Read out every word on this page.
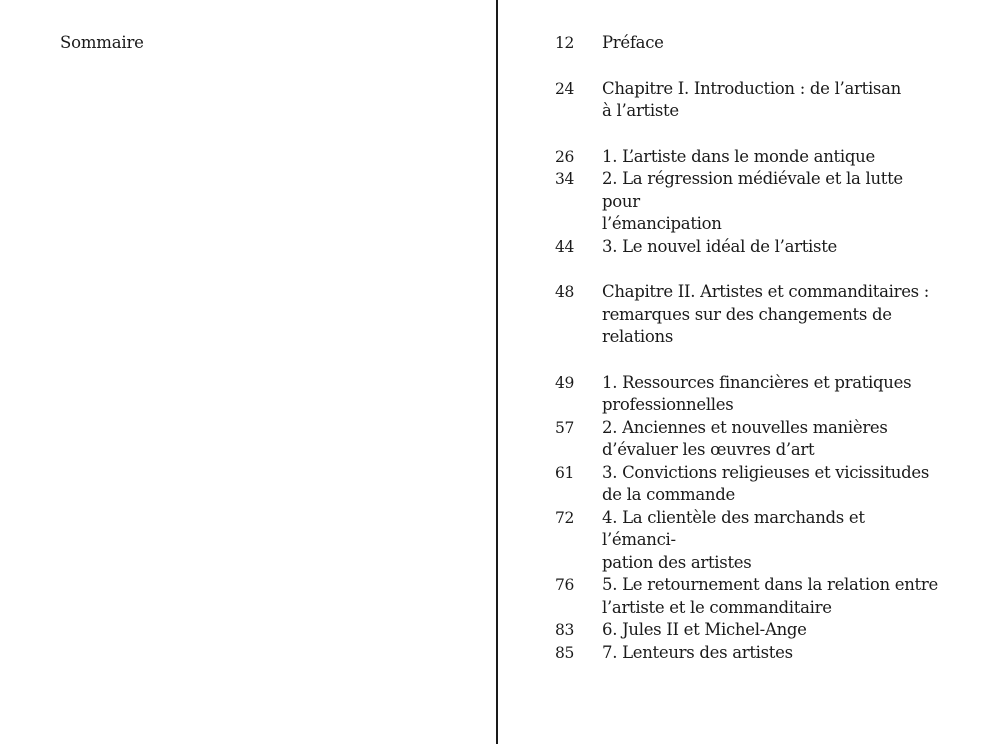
Sommaire	12	Préface
24	Chapitre I. Introduction : de l’artisan
à l’artiste
26	1. L’artiste dans le monde antique
34	2. La régression médiévale et la lutte pour
l’émancipation
44	3. Le nouvel idéal de l’artiste
48	Chapitre II. Artistes et commanditaires :
remarques sur des changements de relations
49	1. Ressources financières et pratiques
professionnelles
57	2. Anciennes et nouvelles manières
d’évaluer les œuvres d’art
61	3. Convictions religieuses et vicissitudes
de la commande
72	4. La clientèle des marchands et l’émanci-
pation des artistes
76	5. Le retournement dans la relation entre
l’artiste et le commanditaire
83	6. Jules II et Michel-Ange
85	7. Lenteurs des artistes
